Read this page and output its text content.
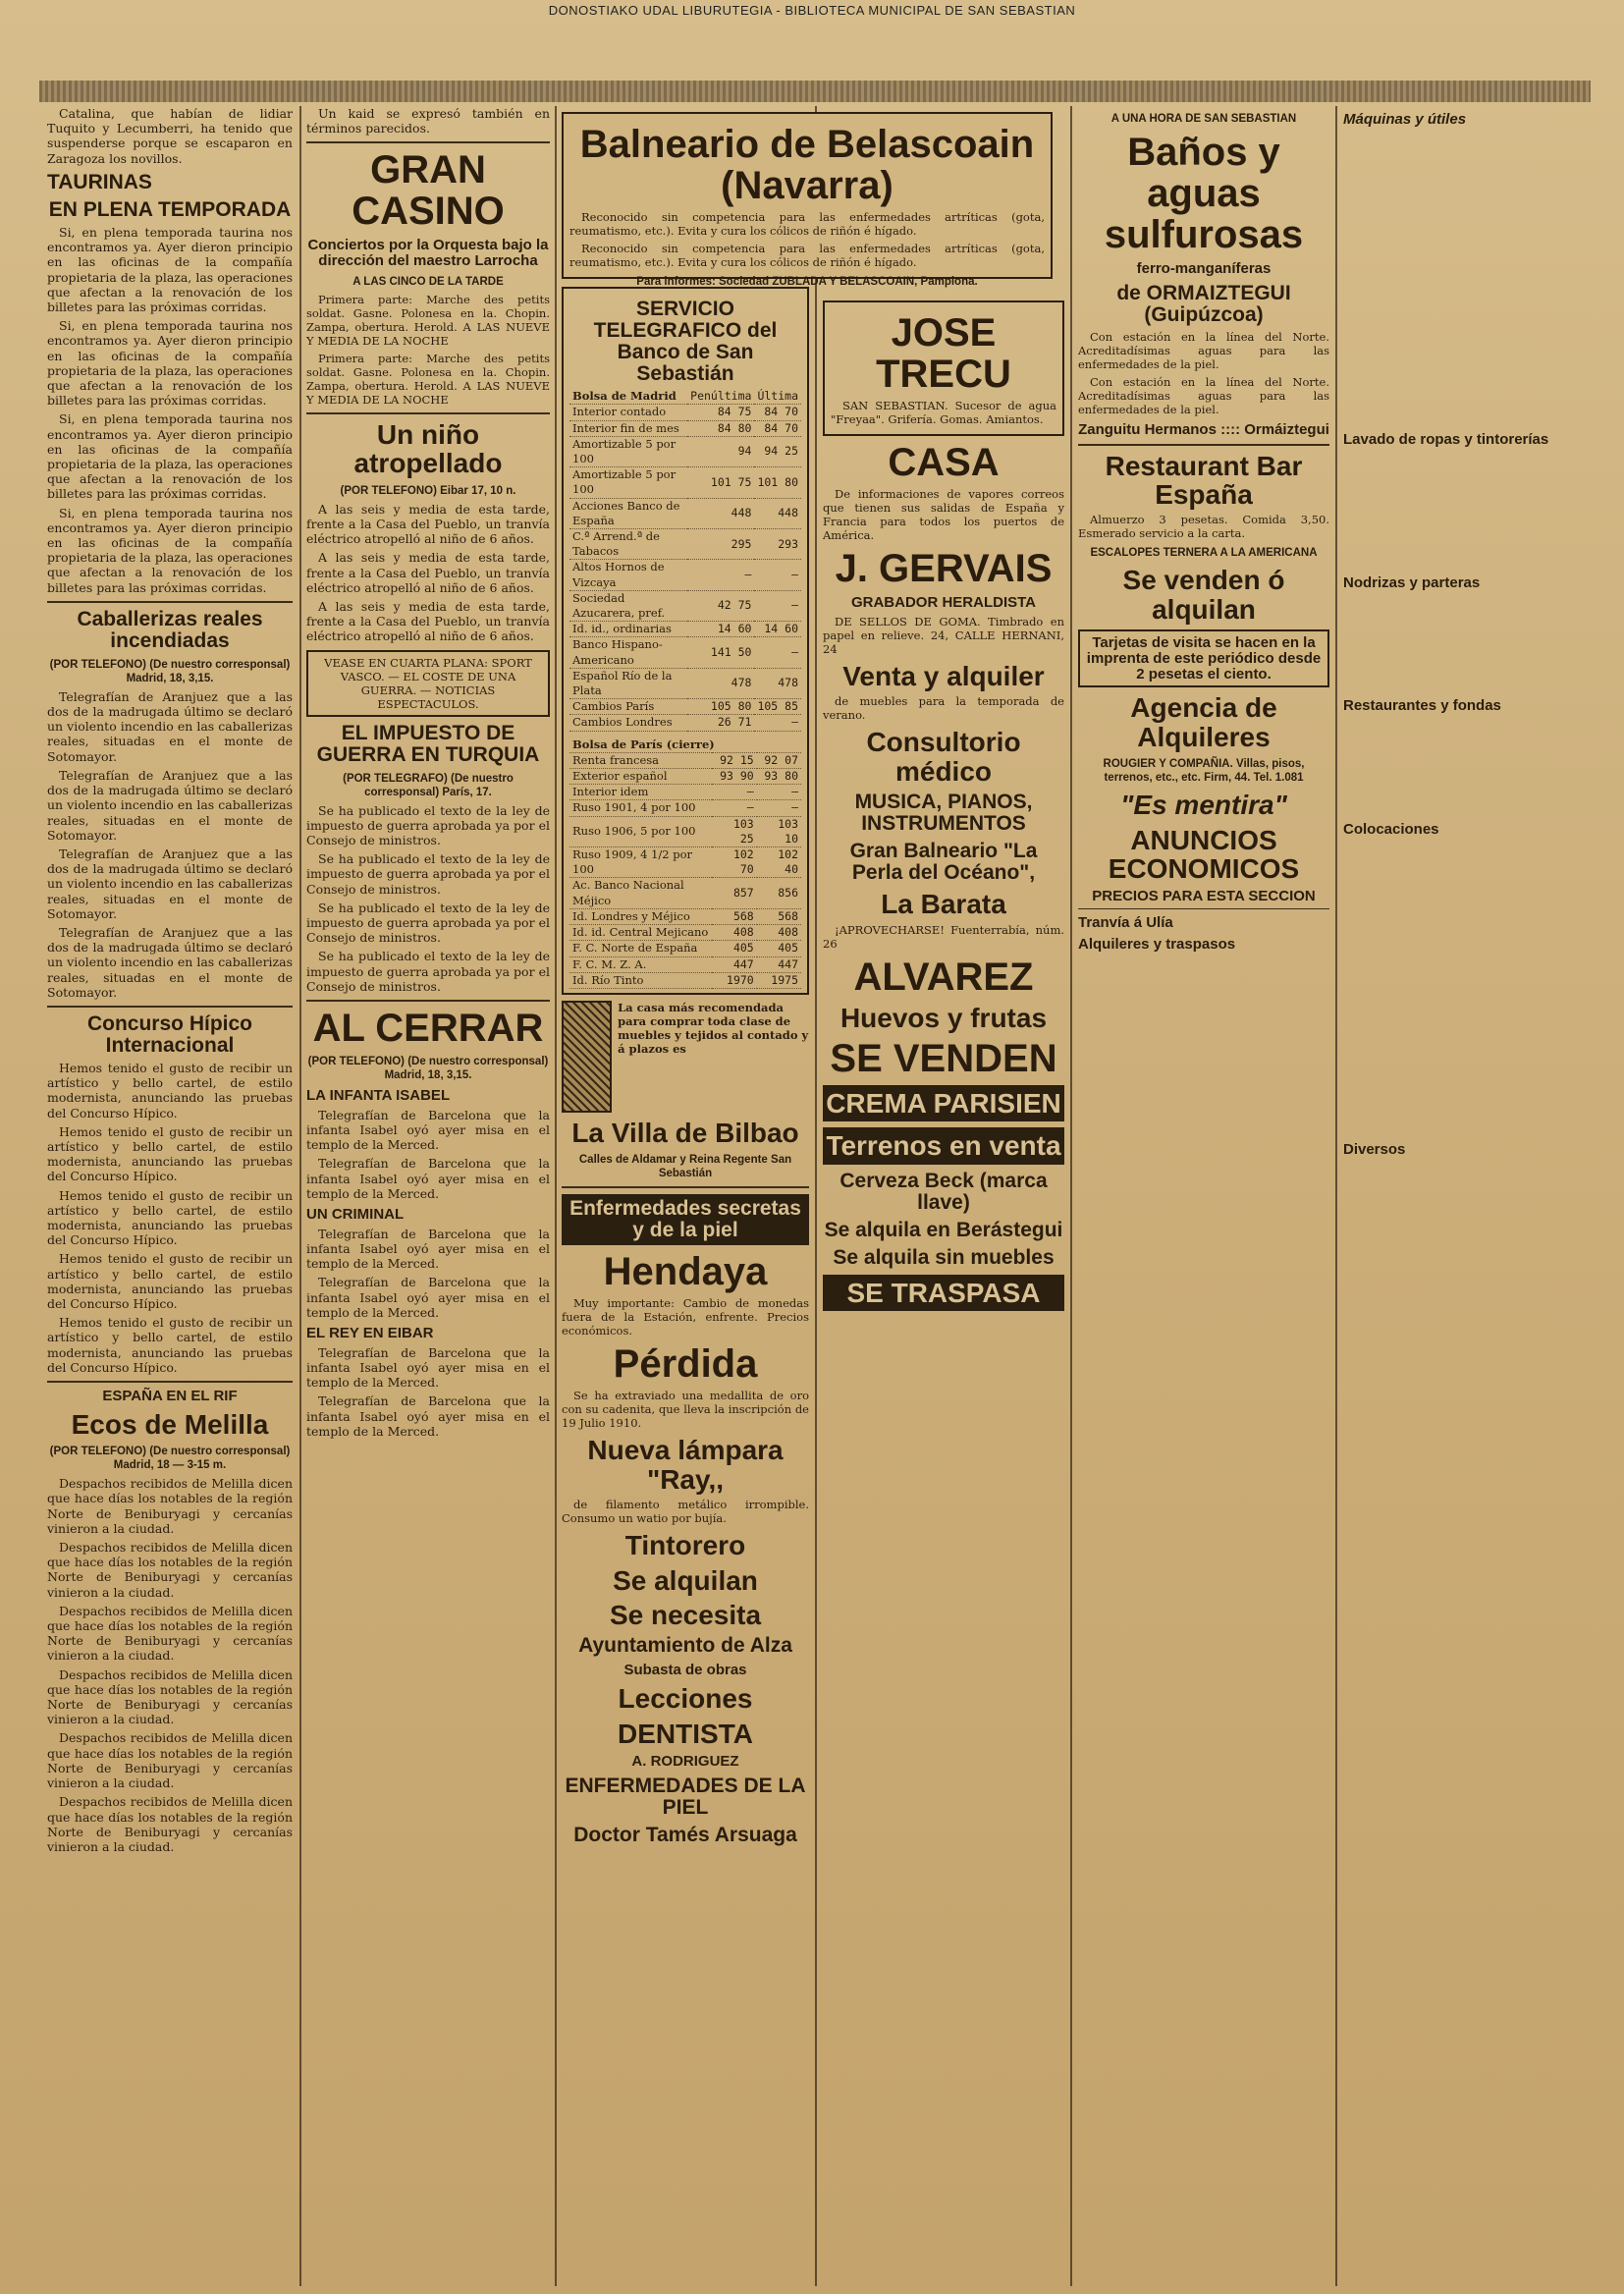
DONOSTIAKO UDAL LIBURUTEGIA - BIBLIOTECA MUNICIPAL DE SAN SEBASTIAN

Catalina, que habían de lidiar Tuquito y Lecumberri, ha tenido que suspenderse porque se escaparon en Zaragoza los novillos.

TAURINAS
EN PLENA TEMPORADA

Si, en plena temporada taurina nos encontramos ya. Ayer dieron principio en las oficinas de la compañía propietaria de la plaza, las operaciones que afectan a la renovación de los billetes para las próximas corridas.

Si, en plena temporada taurina nos encontramos ya. Ayer dieron principio en las oficinas de la compañía propietaria de la plaza, las operaciones que afectan a la renovación de los billetes para las próximas corridas.

Si, en plena temporada taurina nos encontramos ya. Ayer dieron principio en las oficinas de la compañía propietaria de la plaza, las operaciones que afectan a la renovación de los billetes para las próximas corridas.

Si, en plena temporada taurina nos encontramos ya. Ayer dieron principio en las oficinas de la compañía propietaria de la plaza, las operaciones que afectan a la renovación de los billetes para las próximas corridas.

Caballerizas reales incendiadas
(POR TELEFONO) (De nuestro corresponsal) Madrid, 18, 3,15.

Telegrafían de Aranjuez que a las dos de la madrugada último se declaró un violento incendio en las caballerizas reales, situadas en el monte de Sotomayor.

Telegrafían de Aranjuez que a las dos de la madrugada último se declaró un violento incendio en las caballerizas reales, situadas en el monte de Sotomayor.

Telegrafían de Aranjuez que a las dos de la madrugada último se declaró un violento incendio en las caballerizas reales, situadas en el monte de Sotomayor.

Telegrafían de Aranjuez que a las dos de la madrugada último se declaró un violento incendio en las caballerizas reales, situadas en el monte de Sotomayor.

Concurso Hípico Internacional

Hemos tenido el gusto de recibir un artístico y bello cartel, de estilo modernista, anunciando las pruebas del Concurso Hípico.

Hemos tenido el gusto de recibir un artístico y bello cartel, de estilo modernista, anunciando las pruebas del Concurso Hípico.

Hemos tenido el gusto de recibir un artístico y bello cartel, de estilo modernista, anunciando las pruebas del Concurso Hípico.

Hemos tenido el gusto de recibir un artístico y bello cartel, de estilo modernista, anunciando las pruebas del Concurso Hípico.

Hemos tenido el gusto de recibir un artístico y bello cartel, de estilo modernista, anunciando las pruebas del Concurso Hípico.

ESPAÑA EN EL RIF
Ecos de Melilla
(POR TELEFONO) (De nuestro corresponsal) Madrid, 18 — 3-15 m.

Despachos recibidos de Melilla dicen que hace días los notables de la región Norte de Beniburyagi y cercanías vinieron a la ciudad.

Despachos recibidos de Melilla dicen que hace días los notables de la región Norte de Beniburyagi y cercanías vinieron a la ciudad.

Despachos recibidos de Melilla dicen que hace días los notables de la región Norte de Beniburyagi y cercanías vinieron a la ciudad.

Despachos recibidos de Melilla dicen que hace días los notables de la región Norte de Beniburyagi y cercanías vinieron a la ciudad.

Despachos recibidos de Melilla dicen que hace días los notables de la región Norte de Beniburyagi y cercanías vinieron a la ciudad.

Despachos recibidos de Melilla dicen que hace días los notables de la región Norte de Beniburyagi y cercanías vinieron a la ciudad.

Un kaid se expresó también en términos parecidos.

GRAN CASINO
Conciertos por la Orquesta bajo la dirección del maestro Larrocha
A LAS CINCO DE LA TARDE

Primera parte: Marche des petits soldat. Gasne. Polonesa en la. Chopin. Zampa, obertura. Herold. A LAS NUEVE Y MEDIA DE LA NOCHE

Primera parte: Marche des petits soldat. Gasne. Polonesa en la. Chopin. Zampa, obertura. Herold. A LAS NUEVE Y MEDIA DE LA NOCHE

Un niño atropellado
(POR TELEFONO) Eibar 17, 10 n.

A las seis y media de esta tarde, frente a la Casa del Pueblo, un tranvía eléctrico atropelló al niño de 6 años.

A las seis y media de esta tarde, frente a la Casa del Pueblo, un tranvía eléctrico atropelló al niño de 6 años.

A las seis y media de esta tarde, frente a la Casa del Pueblo, un tranvía eléctrico atropelló al niño de 6 años.

VEASE EN CUARTA PLANA: SPORT VASCO. — EL COSTE DE UNA GUERRA. — NOTICIAS ESPECTACULOS.
EL IMPUESTO DE GUERRA EN TURQUIA
(POR TELEGRAFO) (De nuestro corresponsal) París, 17.

Se ha publicado el texto de la ley de impuesto de guerra aprobada ya por el Consejo de ministros.

Se ha publicado el texto de la ley de impuesto de guerra aprobada ya por el Consejo de ministros.

Se ha publicado el texto de la ley de impuesto de guerra aprobada ya por el Consejo de ministros.

Se ha publicado el texto de la ley de impuesto de guerra aprobada ya por el Consejo de ministros.

AL CERRAR
(POR TELEFONO) (De nuestro corresponsal) Madrid, 18, 3,15.
LA INFANTA ISABEL

Telegrafían de Barcelona que la infanta Isabel oyó ayer misa en el templo de la Merced.

Telegrafían de Barcelona que la infanta Isabel oyó ayer misa en el templo de la Merced.

UN CRIMINAL

Telegrafían de Barcelona que la infanta Isabel oyó ayer misa en el templo de la Merced.

Telegrafían de Barcelona que la infanta Isabel oyó ayer misa en el templo de la Merced.

EL REY EN EIBAR

Telegrafían de Barcelona que la infanta Isabel oyó ayer misa en el templo de la Merced.

Telegrafían de Barcelona que la infanta Isabel oyó ayer misa en el templo de la Merced.

Balneario de Belascoain (Navarra)

Reconocido sin competencia para las enfermedades artríticas (gota, reumatismo, etc.). Evita y cura los cólicos de riñón é hígado.

Reconocido sin competencia para las enfermedades artríticas (gota, reumatismo, etc.). Evita y cura los cólicos de riñón é hígado.

Para informes: Sociedad ZUBLADA Y BELASCOAIN, Pamplona.
SERVICIO TELEGRAFICO del Banco de San Sebastián
Bolsa de Madrid	Penúltima	Última
Interior contado	84 75	84 70
Interior fin de mes	84 80	84 70
Amortizable 5 por 100	94	94 25
Amortizable 5 por 100	101 75	101 80
Acciones Banco de España	448	448
C.ª Arrend.ª de Tabacos	295	293
Altos Hornos de Vizcaya	—	—
Sociedad Azucarera, pref.	42 75	—
Id. id., ordinarias	14 60	14 60
Banco Hispano-Americano	141 50	—
Español Río de la Plata	478	478
Cambios París	105 80	105 85
Cambios Londres	26 71	—
Bolsa de París (cierre)		
Renta francesa	92 15	92 07
Exterior español	93 90	93 80
Interior idem	—	—
Ruso 1901, 4 por 100	—	—
Ruso 1906, 5 por 100	103 25	103 10
Ruso 1909, 4 1/2 por 100	102 70	102 40
Ac. Banco Nacional Méjico	857	856
Id. Londres y Méjico	568	568
Id. id. Central Mejicano	408	408
F. C. Norte de España	405	405
F. C. M. Z. A.	447	447
Id. Río Tinto	1970	1975

La casa más recomendada para comprar toda clase de muebles y tejidos al contado y á plazos es

La Villa de Bilbao
Calles de Aldamar y Reina Regente San Sebastián
Enfermedades secretas y de la piel
Hendaya

Muy importante: Cambio de monedas fuera de la Estación, enfrente. Precios económicos.

Pérdida

Se ha extraviado una medallita de oro con su cadenita, que lleva la inscripción de 19 Julio 1910.

Nueva lámpara "Ray,,

de filamento metálico irrompible. Consumo un watio por bujía.

Tintorero
Se alquilan
Se necesita
Ayuntamiento de Alza
Subasta de obras
Lecciones
DENTISTA
A. RODRIGUEZ
ENFERMEDADES DE LA PIEL
Doctor Tamés Arsuaga
JOSE TRECU

SAN SEBASTIAN. Sucesor de agua "Freyaa". Grifería. Gomas. Amiantos.

CASA

De informaciones de vapores correos que tienen sus salidas de España y Francia para todos los puertos de América.

J. GERVAIS
GRABADOR HERALDISTA

DE SELLOS DE GOMA. Timbrado en papel en relieve. 24, CALLE HERNANI, 24

Venta y alquiler

de muebles para la temporada de verano.

Consultorio médico
MUSICA, PIANOS, INSTRUMENTOS
Gran Balneario "La Perla del Océano",
La Barata

¡APROVECHARSE! Fuenterrabía, núm. 26

ALVAREZ
Huevos y frutas
SE VENDEN
CREMA PARISIEN
Terrenos en venta
Cerveza Beck (marca llave)
Se alquila en Berástegui
Se alquila sin muebles
SE TRASPASA
A UNA HORA DE SAN SEBASTIAN
Baños y aguas sulfurosas
ferro-manganíferas
de ORMAIZTEGUI (Guipúzcoa)

Con estación en la línea del Norte. Acreditadísimas aguas para las enfermedades de la piel.

Con estación en la línea del Norte. Acreditadísimas aguas para las enfermedades de la piel.

Zanguitu Hermanos :::: Ormáiztegui
Restaurant Bar España

Almuerzo 3 pesetas. Comida 3,50. Esmerado servicio a la carta.

ESCALOPES TERNERA A LA AMERICANA
Se venden ó alquilan
Tarjetas de visita se hacen en la imprenta de este periódico desde 2 pesetas el ciento.
Agencia de Alquileres
ROUGIER Y COMPAÑIA. Villas, pisos, terrenos, etc., etc. Firm, 44. Tel. 1.081
"Es mentira"
ANUNCIOS ECONOMICOS
PRECIOS PARA ESTA SECCION
Tranvía á Ulía
Alquileres y traspasos
Máquinas y útiles
Lavado de ropas y tintorerías
Nodrizas y parteras
Restaurantes y fondas
Colocaciones
Diversos
